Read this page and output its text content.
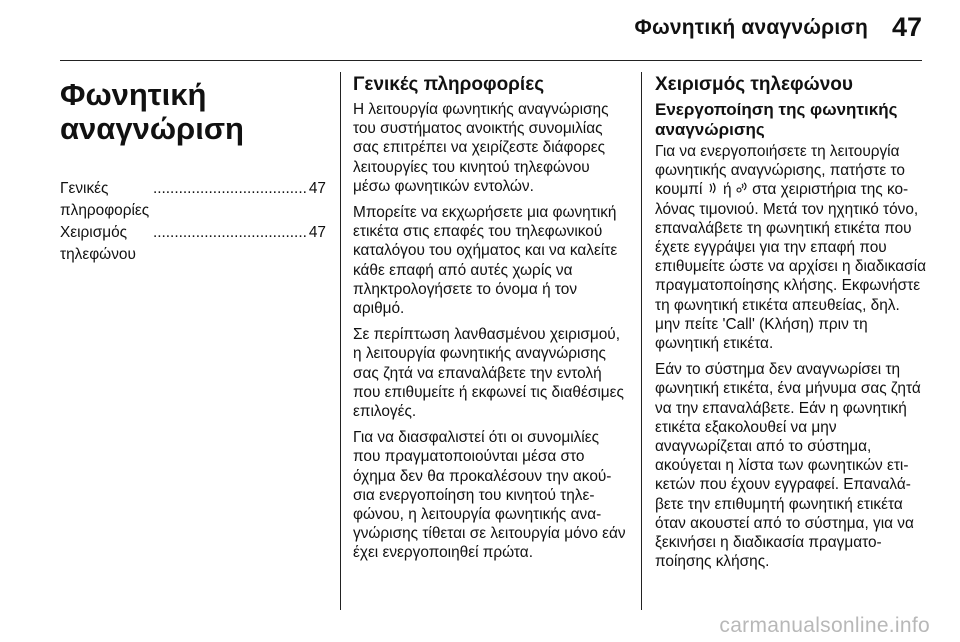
Φωνητική αναγνώριση 47
Φωνητική
αναγνώριση
Γενικές πληροφορίες
.................................... 47
Χειρισμός τηλεφώνου
.................................... 47
Γενικές πληροφορίες

Η λειτουργία φωνητικής αναγνώρισης του συστήματος ανοικτής συνομιλίας σας επιτρέπει να χειρίζεστε διάφορες λειτουργίες του κινητού τηλεφώνου μέσω φωνητικών εντολών.

Μπορείτε να εκχωρήσετε μια φωνητική ετικέτα στις επαφές του τηλεφωνικού καταλόγου του οχήματος και να καλείτε κάθε επαφή από αυτές χωρίς να πληκτρολογήσετε το όνομα ή τον αριθμό.

Σε περίπτωση λανθασμένου χειρισμού, η λειτουργία φωνητικής αναγνώρισης σας ζητά να επαναλάβετε την εντολή που επιθυμείτε ή εκφωνεί τις διαθέσιμες επιλογές.

Για να διασφαλιστεί ότι οι συνομιλίες που πραγματοποιούνται μέσα στο όχημα δεν θα προκαλέσουν την ακούσια ενεργοποίηση του κινητού τηλεφώνου, η λειτουργία φωνητικής αναγνώρισης τίθεται σε λειτουργία μόνο εάν έχει ενεργοποιηθεί πρώτα.

Χειρισμός τηλεφώνου
Ενεργοποίηση της φωνητικής αναγνώρισης

Για να ενεργοποιήσετε τη λειτουργία φωνητικής αναγνώρισης, πατήστε το κουμπί ή στα χειριστήρια της κολόνας τιμονιού. Μετά τον ηχητικό τόνο, επαναλάβετε τη φωνητική ετικέτα που έχετε εγγράψει για την επαφή που επιθυμείτε ώστε να αρχίσει η διαδικασία πραγματοποίησης κλήσης. Εκφωνήστε τη φωνητική ετικέτα απευθείας, δηλ. μην πείτε 'Call' (Κλήση) πριν τη φωνητική ετικέτα.

Εάν το σύστημα δεν αναγνωρίσει τη φωνητική ετικέτα, ένα μήνυμα σας ζητά να την επαναλάβετε. Εάν η φωνητική ετικέτα εξακολουθεί να μην αναγνωρίζεται από το σύστημα, ακούγεται η λίστα των φωνητικών ετικετών που έχουν εγγραφεί. Επαναλάβετε την επιθυμητή φωνητική ετικέτα όταν ακουστεί από το σύστημα, για να ξεκινήσει η διαδικασία πραγματοποίησης κλήσης.

carmanualsonline.info
